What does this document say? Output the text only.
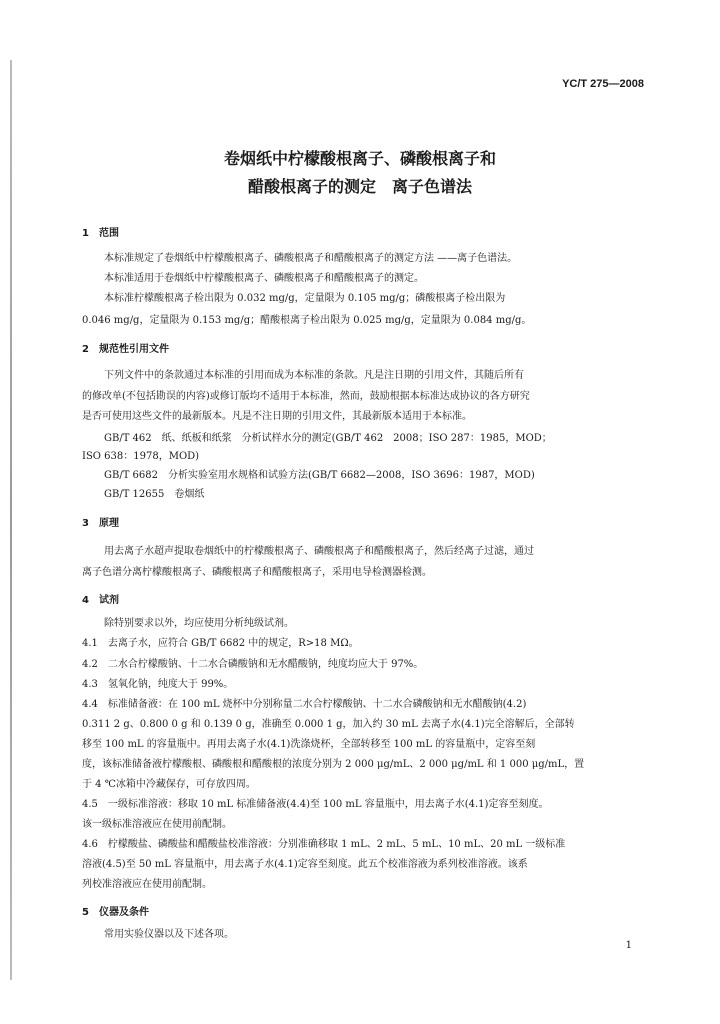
YC/T 275—2008
卷烟纸中柠檬酸根离子、磷酸根离子和
醋酸根离子的测定　离子色谱法
1　范围
本标准规定了卷烟纸中柠檬酸根离子、磷酸根离子和醋酸根离子的测定方法 ——离子色谱法。
本标准适用于卷烟纸中柠檬酸根离子、磷酸根离子和醋酸根离子的测定。
本标准柠檬酸根离子检出限为 0.032 mg/g，定量限为 0.105 mg/g；磷酸根离子检出限为
0.046 mg/g，定量限为 0.153 mg/g；醋酸根离子检出限为 0.025 mg/g，定量限为 0.084 mg/g。
2　规范性引用文件
下列文件中的条款通过本标准的引用而成为本标准的条款。凡是注日期的引用文件，其随后所有
的修改单(不包括勘误的内容)或修订版均不适用于本标准，然而，鼓励根据本标准达成协议的各方研究
是否可使用这些文件的最新版本。凡是不注日期的引用文件，其最新版本适用于本标准。
GB/T 462　纸、纸板和纸浆　分析试样水分的测定(GB/T 462　2008；ISO 287：1985，MOD；
ISO 638：1978，MOD)
GB/T 6682　分析实验室用水规格和试验方法(GB/T 6682—2008，ISO 3696：1987，MOD)
GB/T 12655　卷烟纸
3　原理
用去离子水超声提取卷烟纸中的柠檬酸根离子、磷酸根离子和醋酸根离子，然后经离子过滤，通过
离子色谱分离柠檬酸根离子、磷酸根离子和醋酸根离子，采用电导检测器检测。
4　试剂
除特别要求以外，均应使用分析纯级试剂。
4.1　去离子水，应符合 GB/T 6682 中的规定，R>18 MΩ。
4.2　二水合柠檬酸钠、十二水合磷酸钠和无水醋酸钠，纯度均应大于 97%。
4.3　氢氧化钠，纯度大于 99%。
4.4　标准储备液：在 100 mL 烧杯中分别称量二水合柠檬酸钠、十二水合磷酸钠和无水醋酸钠(4.2)
0.311 2 g、0.800 0 g 和 0.139 0 g，准确至 0.000 1 g，加入约 30 mL 去离子水(4.1)完全溶解后，全部转
移至 100 mL 的容量瓶中。再用去离子水(4.1)洗涤烧杯，全部转移至 100 mL 的容量瓶中，定容至刻
度，该标准储备液柠檬酸根、磷酸根和醋酸根的浓度分别为 2 000 μg/mL、2 000 μg/mL 和 1 000 μg/mL，置
于 4 ℃冰箱中冷藏保存，可存放四周。
4.5　一级标准溶液：移取 10 mL 标准储备液(4.4)至 100 mL 容量瓶中，用去离子水(4.1)定容至刻度。
该一级标准溶液应在使用前配制。
4.6　柠檬酸盐、磷酸盐和醋酸盐校准溶液：分别准确移取 1 mL、2 mL、5 mL、10 mL、20 mL 一级标准
溶液(4.5)至 50 mL 容量瓶中，用去离子水(4.1)定容至刻度。此五个校准溶液为系列校准溶液。该系
列校准溶液应在使用前配制。
5　仪器及条件
常用实验仪器以及下述各项。
1
